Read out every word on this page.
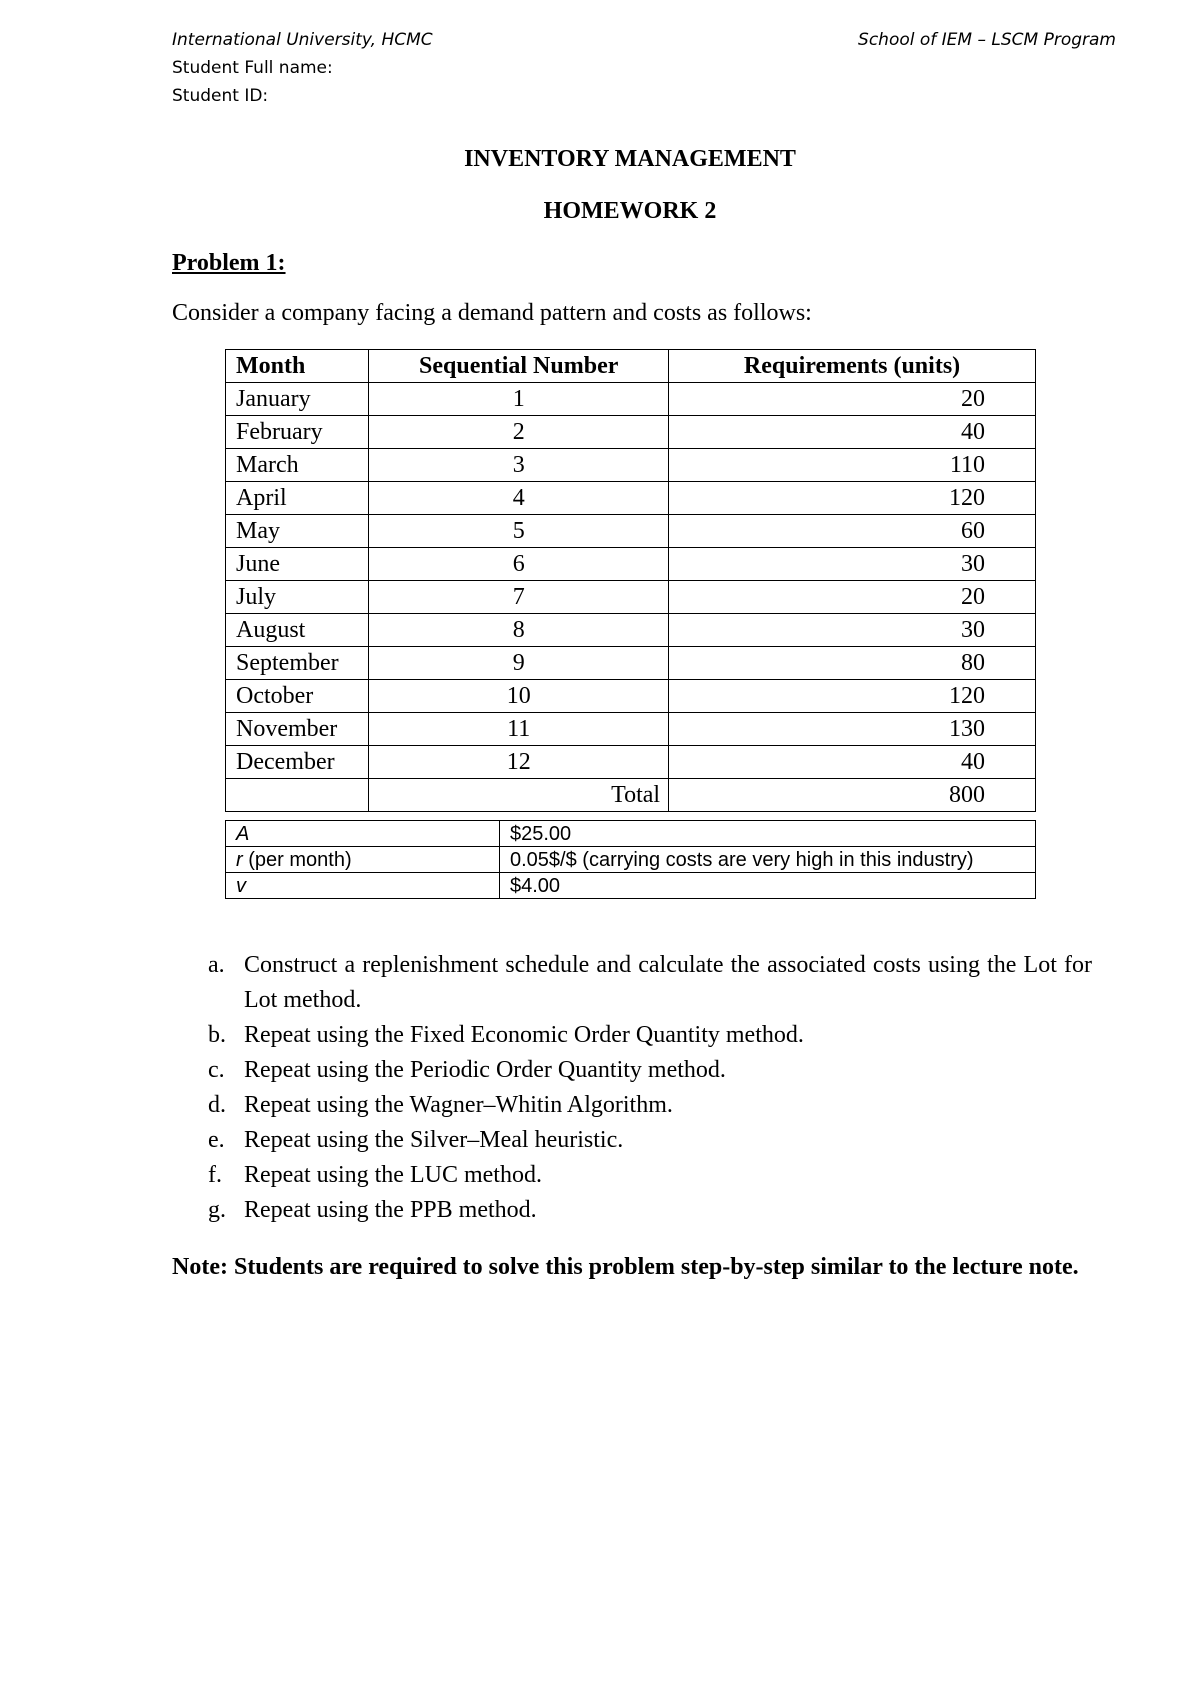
International University, HCMC	School of IEM – LSCM Program
Student Full name:
Student ID:
INVENTORY MANAGEMENT
HOMEWORK 2
Problem 1:
Consider a company facing a demand pattern and costs as follows:
Month	Sequential Number	Requirements (units)
January	1	20
February	2	40
March	3	110
April	4	120
May	5	60
June	6	30
July	7	20
August	8	30
September	9	80
October	10	120
November	11	130
December	12	40
	Total	800
A	$25.00
r (per month)	0.05$/$ (carrying costs are very high in this industry)
v	$4.00
a. Construct a replenishment schedule and calculate the associated costs using the Lot for Lot method.
b. Repeat using the Fixed Economic Order Quantity method.
c. Repeat using the Periodic Order Quantity method.
d. Repeat using the Wagner–Whitin Algorithm.
e. Repeat using the Silver–Meal heuristic.
f. Repeat using the LUC method.
g. Repeat using the PPB method.
Note: Students are required to solve this problem step-by-step similar to the lecture note.
